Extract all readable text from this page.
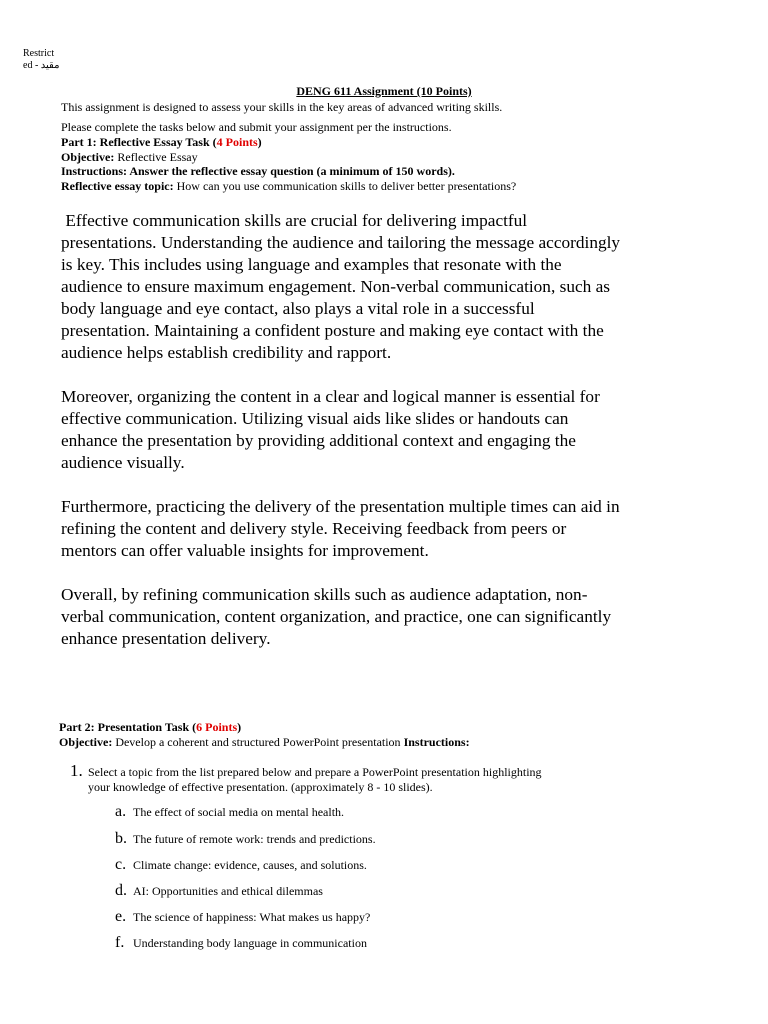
Restrict
ed - مقيد
DENG 611 Assignment (10 Points)
This assignment is designed to assess your skills in the key areas of advanced writing skills.
Please complete the tasks below and submit your assignment per the instructions.
Part 1: Reflective Essay Task (4 Points)
Objective: Reflective Essay
Instructions: Answer the reflective essay question (a minimum of 150 words).
Reflective essay topic: How can you use communication skills to deliver better presentations?

Effective communication skills are crucial for delivering impactful presentations. Understanding the audience and tailoring the message accordingly is key. This includes using language and examples that resonate with the audience to ensure maximum engagement. Non-verbal communication, such as body language and eye contact, also plays a vital role in a successful presentation. Maintaining a confident posture and making eye contact with the audience helps establish credibility and rapport.

Moreover, organizing the content in a clear and logical manner is essential for effective communication. Utilizing visual aids like slides or handouts can enhance the presentation by providing additional context and engaging the audience visually.

Furthermore, practicing the delivery of the presentation multiple times can aid in refining the content and delivery style. Receiving feedback from peers or mentors can offer valuable insights for improvement.

Overall, by refining communication skills such as audience adaptation, non-verbal communication, content organization, and practice, one can significantly enhance presentation delivery.

Part 2: Presentation Task (6 Points)
Objective: Develop a coherent and structured PowerPoint presentation Instructions:
1. Select a topic from the list prepared below and prepare a PowerPoint presentation highlighting
your knowledge of effective presentation. (approximately 8 - 10 slides).
a. The effect of social media on mental health.
b. The future of remote work: trends and predictions.
c. Climate change: evidence, causes, and solutions.
d. AI: Opportunities and ethical dilemmas
e. The science of happiness: What makes us happy?
f. Understanding body language in communication
